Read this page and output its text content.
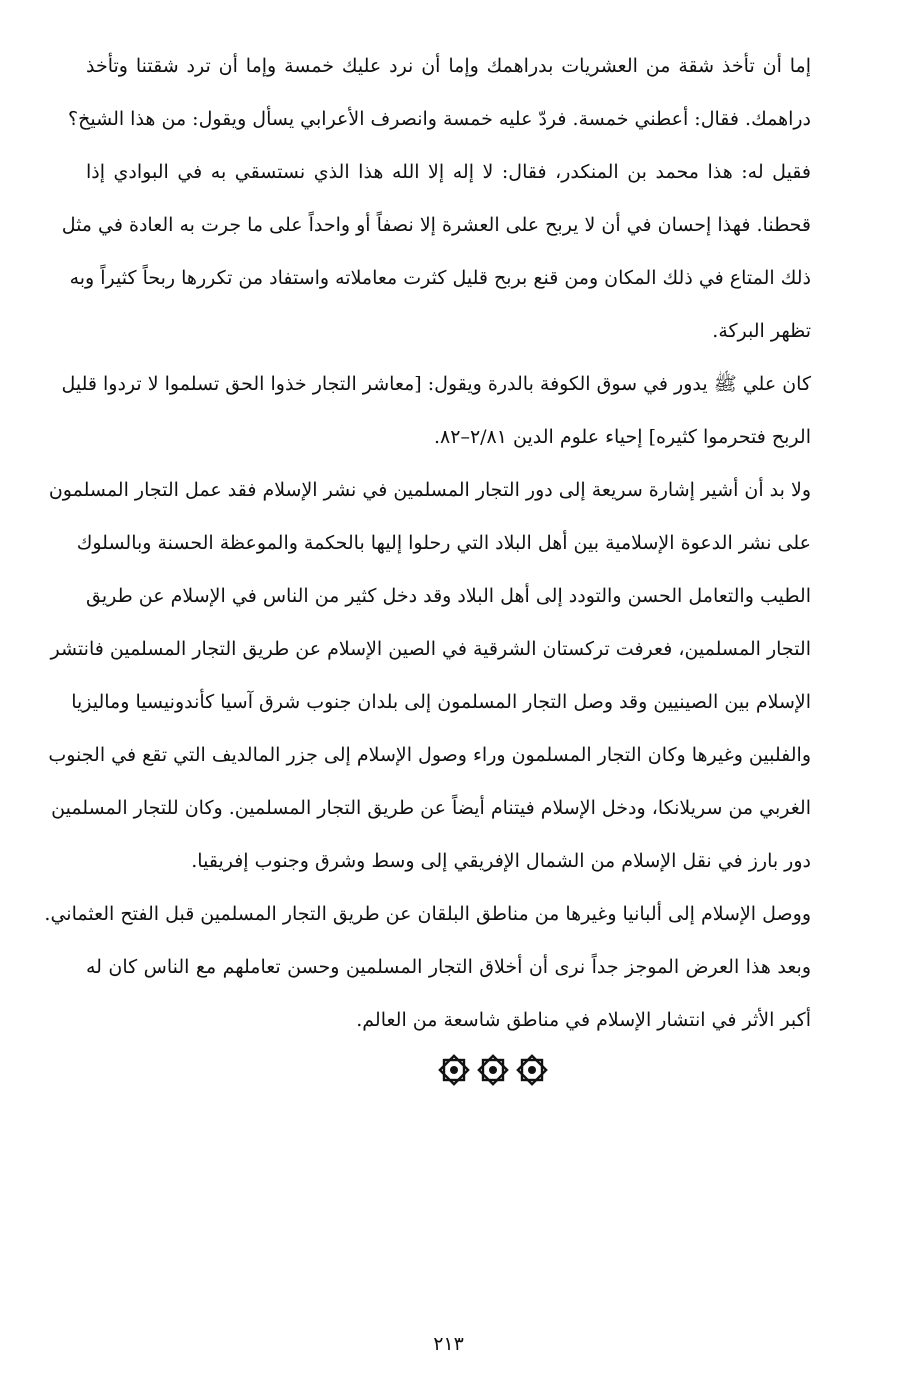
إما أن تأخذ شقة من العشريات بدراهمك وإما أن نرد عليك خمسة وإما أن ترد شقتنا وتأخذ
دراهمك. فقال: أعطني خمسة. فردّ عليه خمسة وانصرف الأعرابي يسأل ويقول: من هذا الشيخ؟
فقيل له: هذا محمد بن المنكدر، فقال: لا إله إلا الله هذا الذي نستسقي به في البوادي إذا
قحطنا. فهذا إحسان في أن لا يربح على العشرة إلا نصفاً أو واحداً على ما جرت به العادة في مثل
ذلك المتاع في ذلك المكان ومن قنع بربح قليل كثرت معاملاته واستفاد من تكررها ربحاً كثيراً وبه
تظهر البركة.
كان علي ﷺ يدور في سوق الكوفة بالدرة ويقول: [معاشر التجار خذوا الحق تسلموا لا تردوا قليل
الربح فتحرموا كثيره] إحياء علوم الدين ٢/٨١–٨٢.
ولا بد أن أشير إشارة سريعة إلى دور التجار المسلمين في نشر الإسلام فقد عمل التجار المسلمون
على نشر الدعوة الإسلامية بين أهل البلاد التي رحلوا إليها بالحكمة والموعظة الحسنة وبالسلوك
الطيب والتعامل الحسن والتودد إلى أهل البلاد وقد دخل كثير من الناس في الإسلام عن طريق
التجار المسلمين، فعرفت تركستان الشرقية في الصين الإسلام عن طريق التجار المسلمين فانتشر
الإسلام بين الصينيين وقد وصل التجار المسلمون إلى بلدان جنوب شرق آسيا كأندونيسيا وماليزيا
والفلبين وغيرها وكان التجار المسلمون وراء وصول الإسلام إلى جزر المالديف التي تقع في الجنوب
الغربي من سريلانكا، ودخل الإسلام فيتنام أيضاً عن طريق التجار المسلمين. وكان للتجار المسلمين
دور بارز في نقل الإسلام من الشمال الإفريقي إلى وسط وشرق وجنوب إفريقيا.
ووصل الإسلام إلى ألبانيا وغيرها من مناطق البلقان عن طريق التجار المسلمين قبل الفتح العثماني.
وبعد هذا العرض الموجز جداً نرى أن أخلاق التجار المسلمين وحسن تعاملهم مع الناس كان له
أكبر الأثر في انتشار الإسلام في مناطق شاسعة من العالم.
٢١٣
